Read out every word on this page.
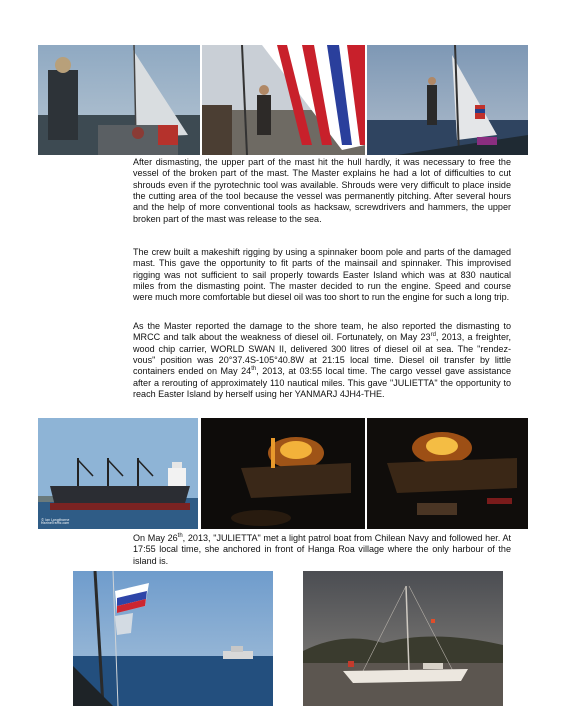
After dismasting, the upper part of the mast hit the hull hardly, it was necessary to free the vessel of the broken part of the mast. The Master explains he had a lot of difficulties to cut shrouds even if the pyrotechnic tool was available. Shrouds were very difficult to place inside the cutting area of the tool because the vessel was permanently pitching. After several hours and the help of more conventional tools as hacksaw, screwdrivers and hammers, the upper broken part of the mast was release to the sea.

The crew built a makeshift rigging by using a spinnaker boom pole and parts of the damaged mast. This gave the opportunity to fit parts of the mainsail and spinnaker. This improvised rigging was not sufficient to sail properly towards Easter Island which was at 830 nautical miles from the dismasting point. The master decided to run the engine. Speed and course were much more comfortable but diesel oil was too short to run the engine for such a long trip.

As the Master reported the damage to the shore team, he also reported the dismasting to MRCC and talk about the weakness of diesel oil. Fortunately, on May 23rd, 2013, a freighter, wood chip carrier, WORLD SWAN II, delivered 300 litres of diesel oil at sea. The "rendez-vous" position was 20°37.4S-105°40.8W at 21:15 local time. Diesel oil transfer by little containers ended on May 24th, 2013, at 03:55 local time. The cargo vessel gave assistance after a rerouting of approximately 110 nautical miles. This gave "JULIETTA" the opportunity to reach Easter Island by herself using her YANMARJ 4JH4-THE.

© Ian Longthorne
MarineTraffic.com

On May 26th, 2013, "JULIETTA" met a light patrol boat from Chilean Navy and followed her. At 17:55 local time, she anchored in front of Hanga Roa village where the only harbour of the island is.
